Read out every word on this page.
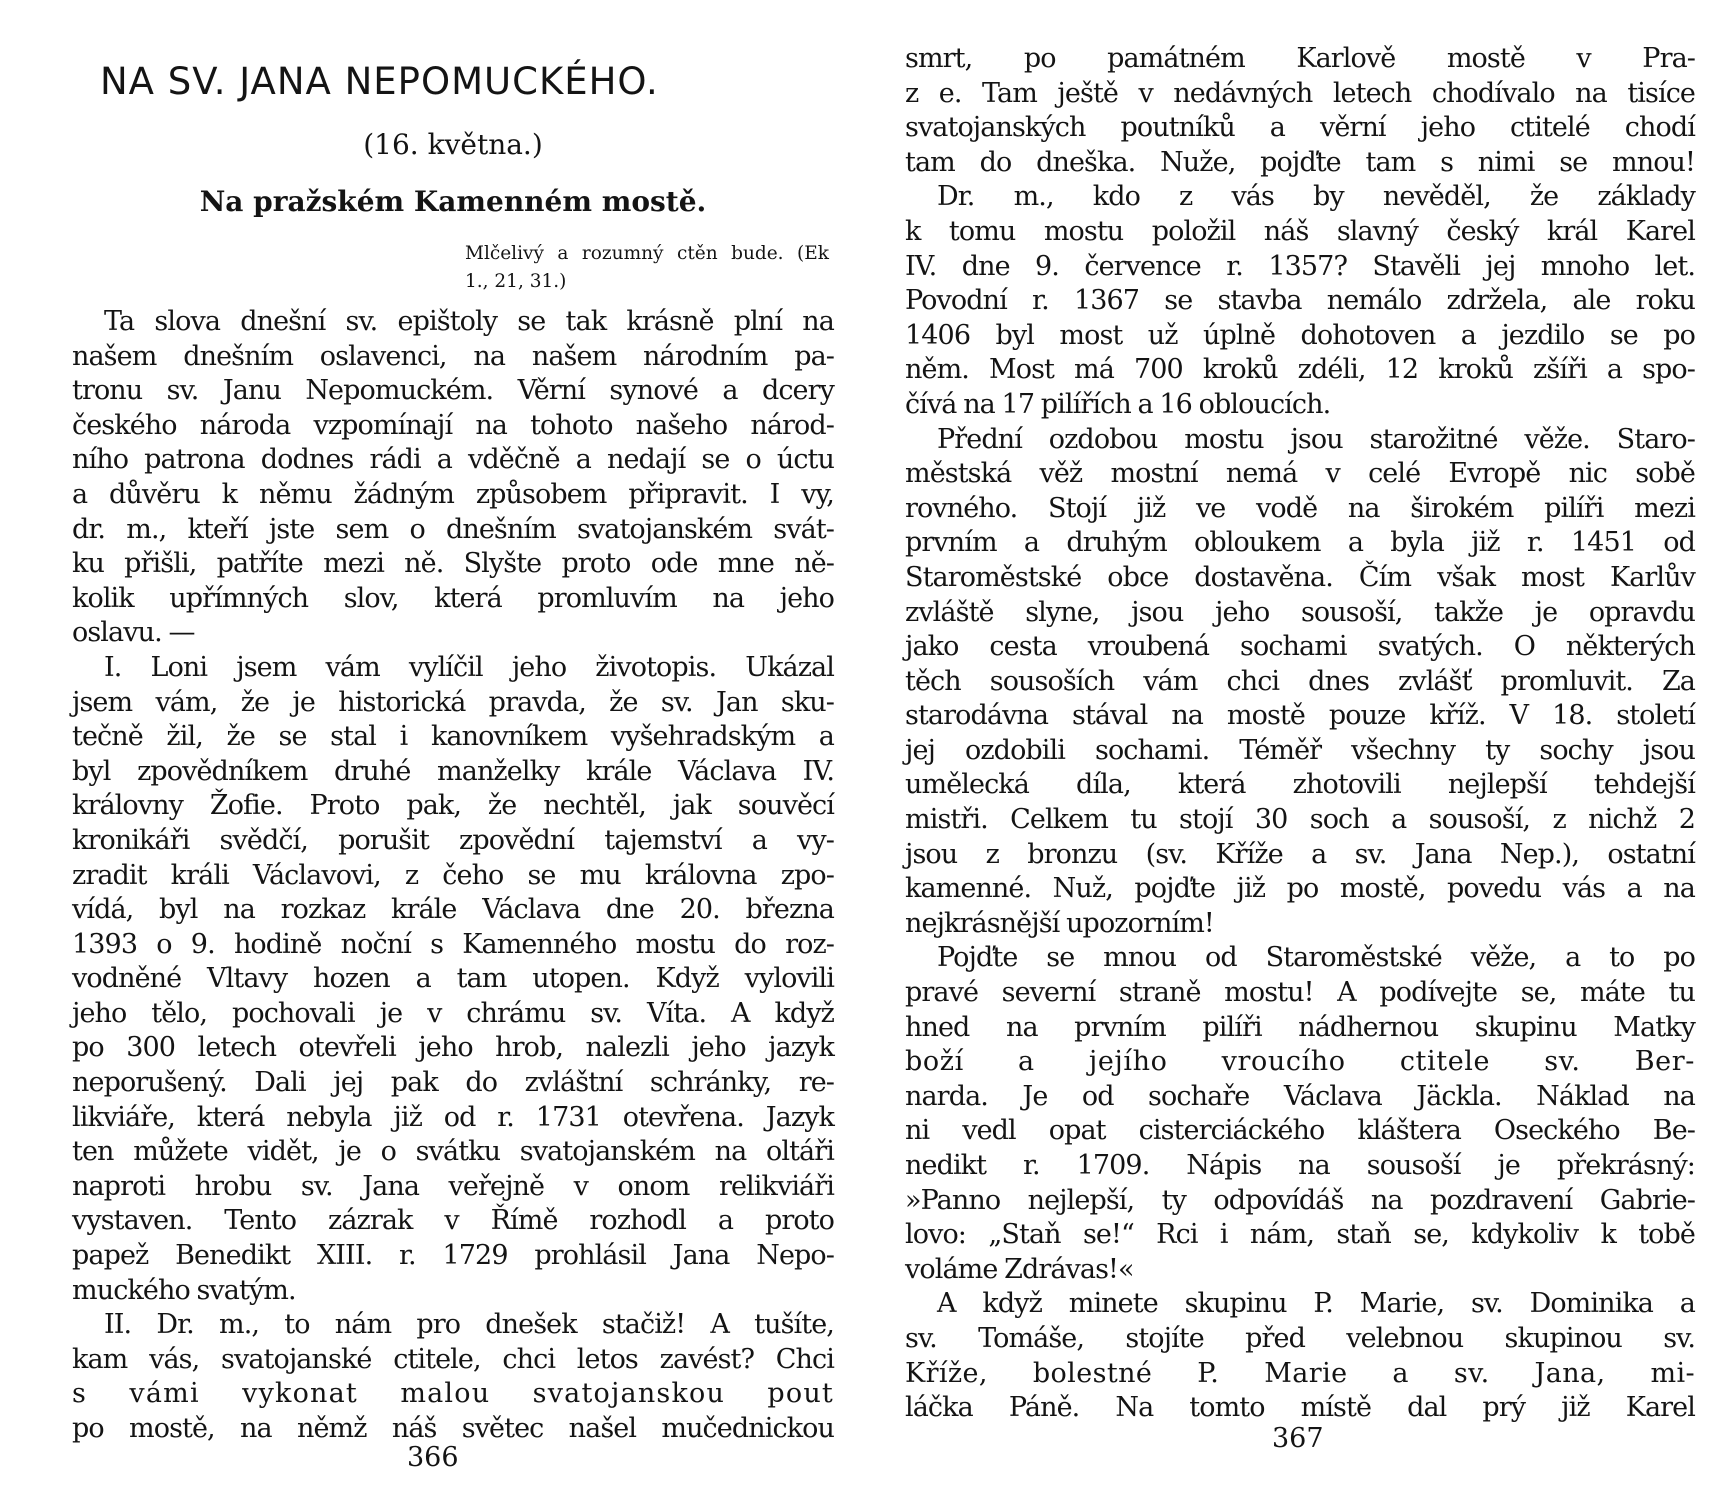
NA SV. JANA NEPOMUCKÉHO.
(16. května.)
Na pražském Kamenném mostě.
Mlčelivý a rozumný ctěn bude. (Ek
1., 21, 31.)
Ta slova dnešní sv. epištoly se tak krásně plní na
našem dnešním oslavenci, na našem národním pa-
tronu sv. Janu Nepomuckém. Věrní synové a dcery
českého národa vzpomínají na tohoto našeho národ-
ního patrona dodnes rádi a vděčně a nedají se o úctu
a důvěru k němu žádným způsobem připravit. I vy,
dr. m., kteří jste sem o dnešním svatojanském svát-
ku přišli, patříte mezi ně. Slyšte proto ode mne ně-
kolik upřímných slov, která promluvím na jeho
oslavu. —
I. Loni jsem vám vylíčil jeho životopis. Ukázal
jsem vám, že je historická pravda, že sv. Jan sku-
tečně žil, že se stal i kanovníkem vyšehradským a
byl zpovědníkem druhé manželky krále Václava IV.
královny Žofie. Proto pak, že nechtěl, jak souvěcí
kronikáři svědčí, porušit zpovědní tajemství a vy-
zradit králi Václavovi, z čeho se mu královna zpo-
vídá, byl na rozkaz krále Václava dne 20. března
1393 o 9. hodině noční s Kamenného mostu do roz-
vodněné Vltavy hozen a tam utopen. Když vylovili
jeho tělo, pochovali je v chrámu sv. Víta. A když
po 300 letech otevřeli jeho hrob, nalezli jeho jazyk
neporušený. Dali jej pak do zvláštní schránky, re-
likviáře, která nebyla již od r. 1731 otevřena. Jazyk
ten můžete vidět, je o svátku svatojanském na oltáři
naproti hrobu sv. Jana veřejně v onom relikviáři
vystaven. Tento zázrak v Římě rozhodl a proto
papež Benedikt XIII. r. 1729 prohlásil Jana Nepo-
muckého svatým.
II. Dr. m., to nám pro dnešek stačiž! A tušíte,
kam vás, svatojanské ctitele, chci letos zavést? Chci
s vámi vykonat malou svatojanskou pout
po mostě, na němž náš světec našel mučednickou
366
smrt, po památném Karlově mostě v Pra-
z e. Tam ještě v nedávných letech chodívalo na tisíce
svatojanských poutníků a věrní jeho ctitelé chodí
tam do dneška. Nuže, pojďte tam s nimi se mnou!
Dr. m., kdo z vás by nevěděl, že základy
k tomu mostu položil náš slavný český král Karel
IV. dne 9. července r. 1357? Stavěli jej mnoho let.
Povodní r. 1367 se stavba nemálo zdržela, ale roku
1406 byl most už úplně dohotoven a jezdilo se po
něm. Most má 700 kroků zdéli, 12 kroků zšíři a spo-
čívá na 17 pilířích a 16 obloucích.
Přední ozdobou mostu jsou starožitné věže. Staro-
městská věž mostní nemá v celé Evropě nic sobě
rovného. Stojí již ve vodě na širokém pilíři mezi
prvním a druhým obloukem a byla již r. 1451 od
Staroměstské obce dostavěna. Čím však most Karlův
zvláště slyne, jsou jeho sousoší, takže je opravdu
jako cesta vroubená sochami svatých. O některých
těch sousoších vám chci dnes zvlášť promluvit. Za
starodávna stával na mostě pouze kříž. V 18. století
jej ozdobili sochami. Téměř všechny ty sochy jsou
umělecká díla, která zhotovili nejlepší tehdejší
mistři. Celkem tu stojí 30 soch a sousoší, z nichž 2
jsou z bronzu (sv. Kříže a sv. Jana Nep.), ostatní
kamenné. Nuž, pojďte již po mostě, povedu vás a na
nejkrásnější upozorním!
Pojďte se mnou od Staroměstské věže, a to po
pravé severní straně mostu! A podívejte se, máte tu
hned na prvním pilíři nádhernou skupinu Matky
boží a jejího vroucího ctitele sv. Ber-
narda. Je od sochaře Václava Jäckla. Náklad na
ni vedl opat cisterciáckého kláštera Oseckého Be-
nedikt r. 1709. Nápis na sousoší je překrásný:
»Panno nejlepší, ty odpovídáš na pozdravení Gabrie-
lovo: „Staň se!“ Rci i nám, staň se, kdykoliv k tobě
voláme Zdrávas!«
A když minete skupinu P. Marie, sv. Dominika a
sv. Tomáše, stojíte před velebnou skupinou sv.
Kříže, bolestné P. Marie a sv. Jana, mi-
láčka Páně. Na tomto místě dal prý již Karel
367
